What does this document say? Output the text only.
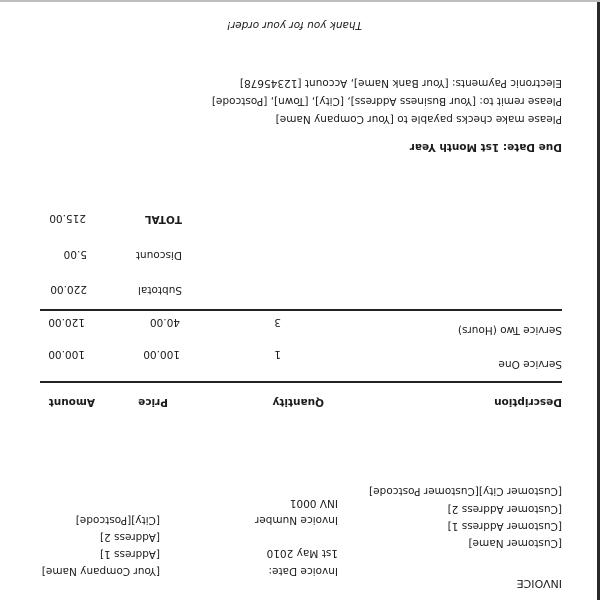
INVOICE
Invoice Date:
1st May 2010
Invoice Number
INV 0001
[Your Company Name]
[Address 1]
[Address 2]
[City][Postcode]
[Customer Name]
[Customer Address 1]
[Customer Address 2]
[Customer City][Customer Postcode]
Description
Quantity
Price
Amount
Service One
1
100.00
100.00
Service Two (Hours)
3
40.00
120.00
Subtotal
220.00
Discount
5.00
TOTAL
215.00
Due Date: 1st Month Year
Please make checks payable to [Your Company Name]
Please remit to: [Your Business Address], [City], [Town], [Postcode]
Electronic Payments: [Your Bank Name], Account [12345678]
Thank you for your order!
